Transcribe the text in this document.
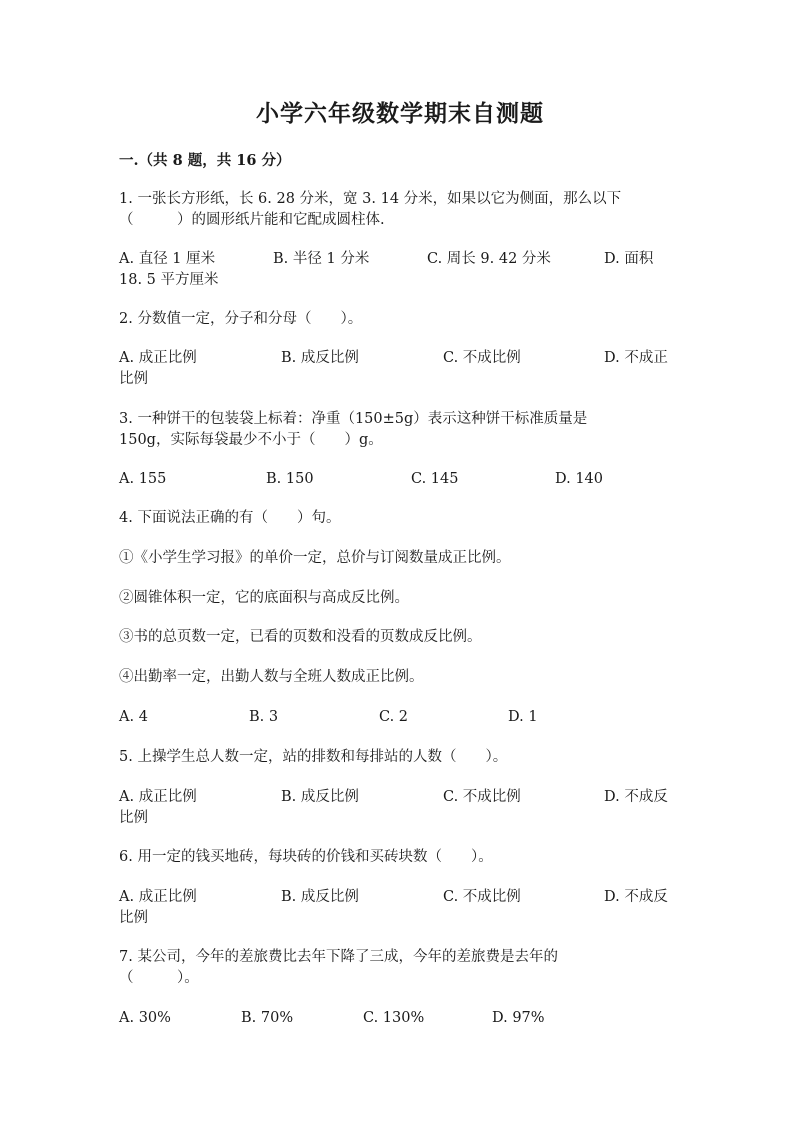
小学六年级数学期末自测题
一.（共 8 题，共 16 分）
1. 一张长方形纸，长 6. 28 分米，宽 3. 14 分米，如果以它为侧面，那么以下
（　　　）的圆形纸片能和它配成圆柱体.
A. 直径 1 厘米	B. 半径 1 分米	C. 周长 9. 42 分米	D. 面积
18. 5 平方厘米
2. 分数值一定，分子和分母（　　）。
A. 成正比例	B. 成反比例	C. 不成比例	D. 不成正
比例
3. 一种饼干的包装袋上标着：净重（150±5g）表示这种饼干标准质量是
150g，实际每袋最少不小于（　　）g。
A. 155	B. 150	C. 145	D. 140
4. 下面说法正确的有（　　）句。
①《小学生学习报》的单价一定，总价与订阅数量成正比例。
②圆锥体积一定，它的底面积与高成反比例。
③书的总页数一定，已看的页数和没看的页数成反比例。
④出勤率一定，出勤人数与全班人数成正比例。
A. 4	B. 3	C. 2	D. 1
5. 上操学生总人数一定，站的排数和每排站的人数（　　）。
A. 成正比例	B. 成反比例	C. 不成比例	D. 不成反
比例
6. 用一定的钱买地砖，每块砖的价钱和买砖块数（　　）。
A. 成正比例	B. 成反比例	C. 不成比例	D. 不成反
比例
7. 某公司，今年的差旅费比去年下降了三成，今年的差旅费是去年的
（　　　）。
A. 30%	B. 70%	C. 130%	D. 97%
